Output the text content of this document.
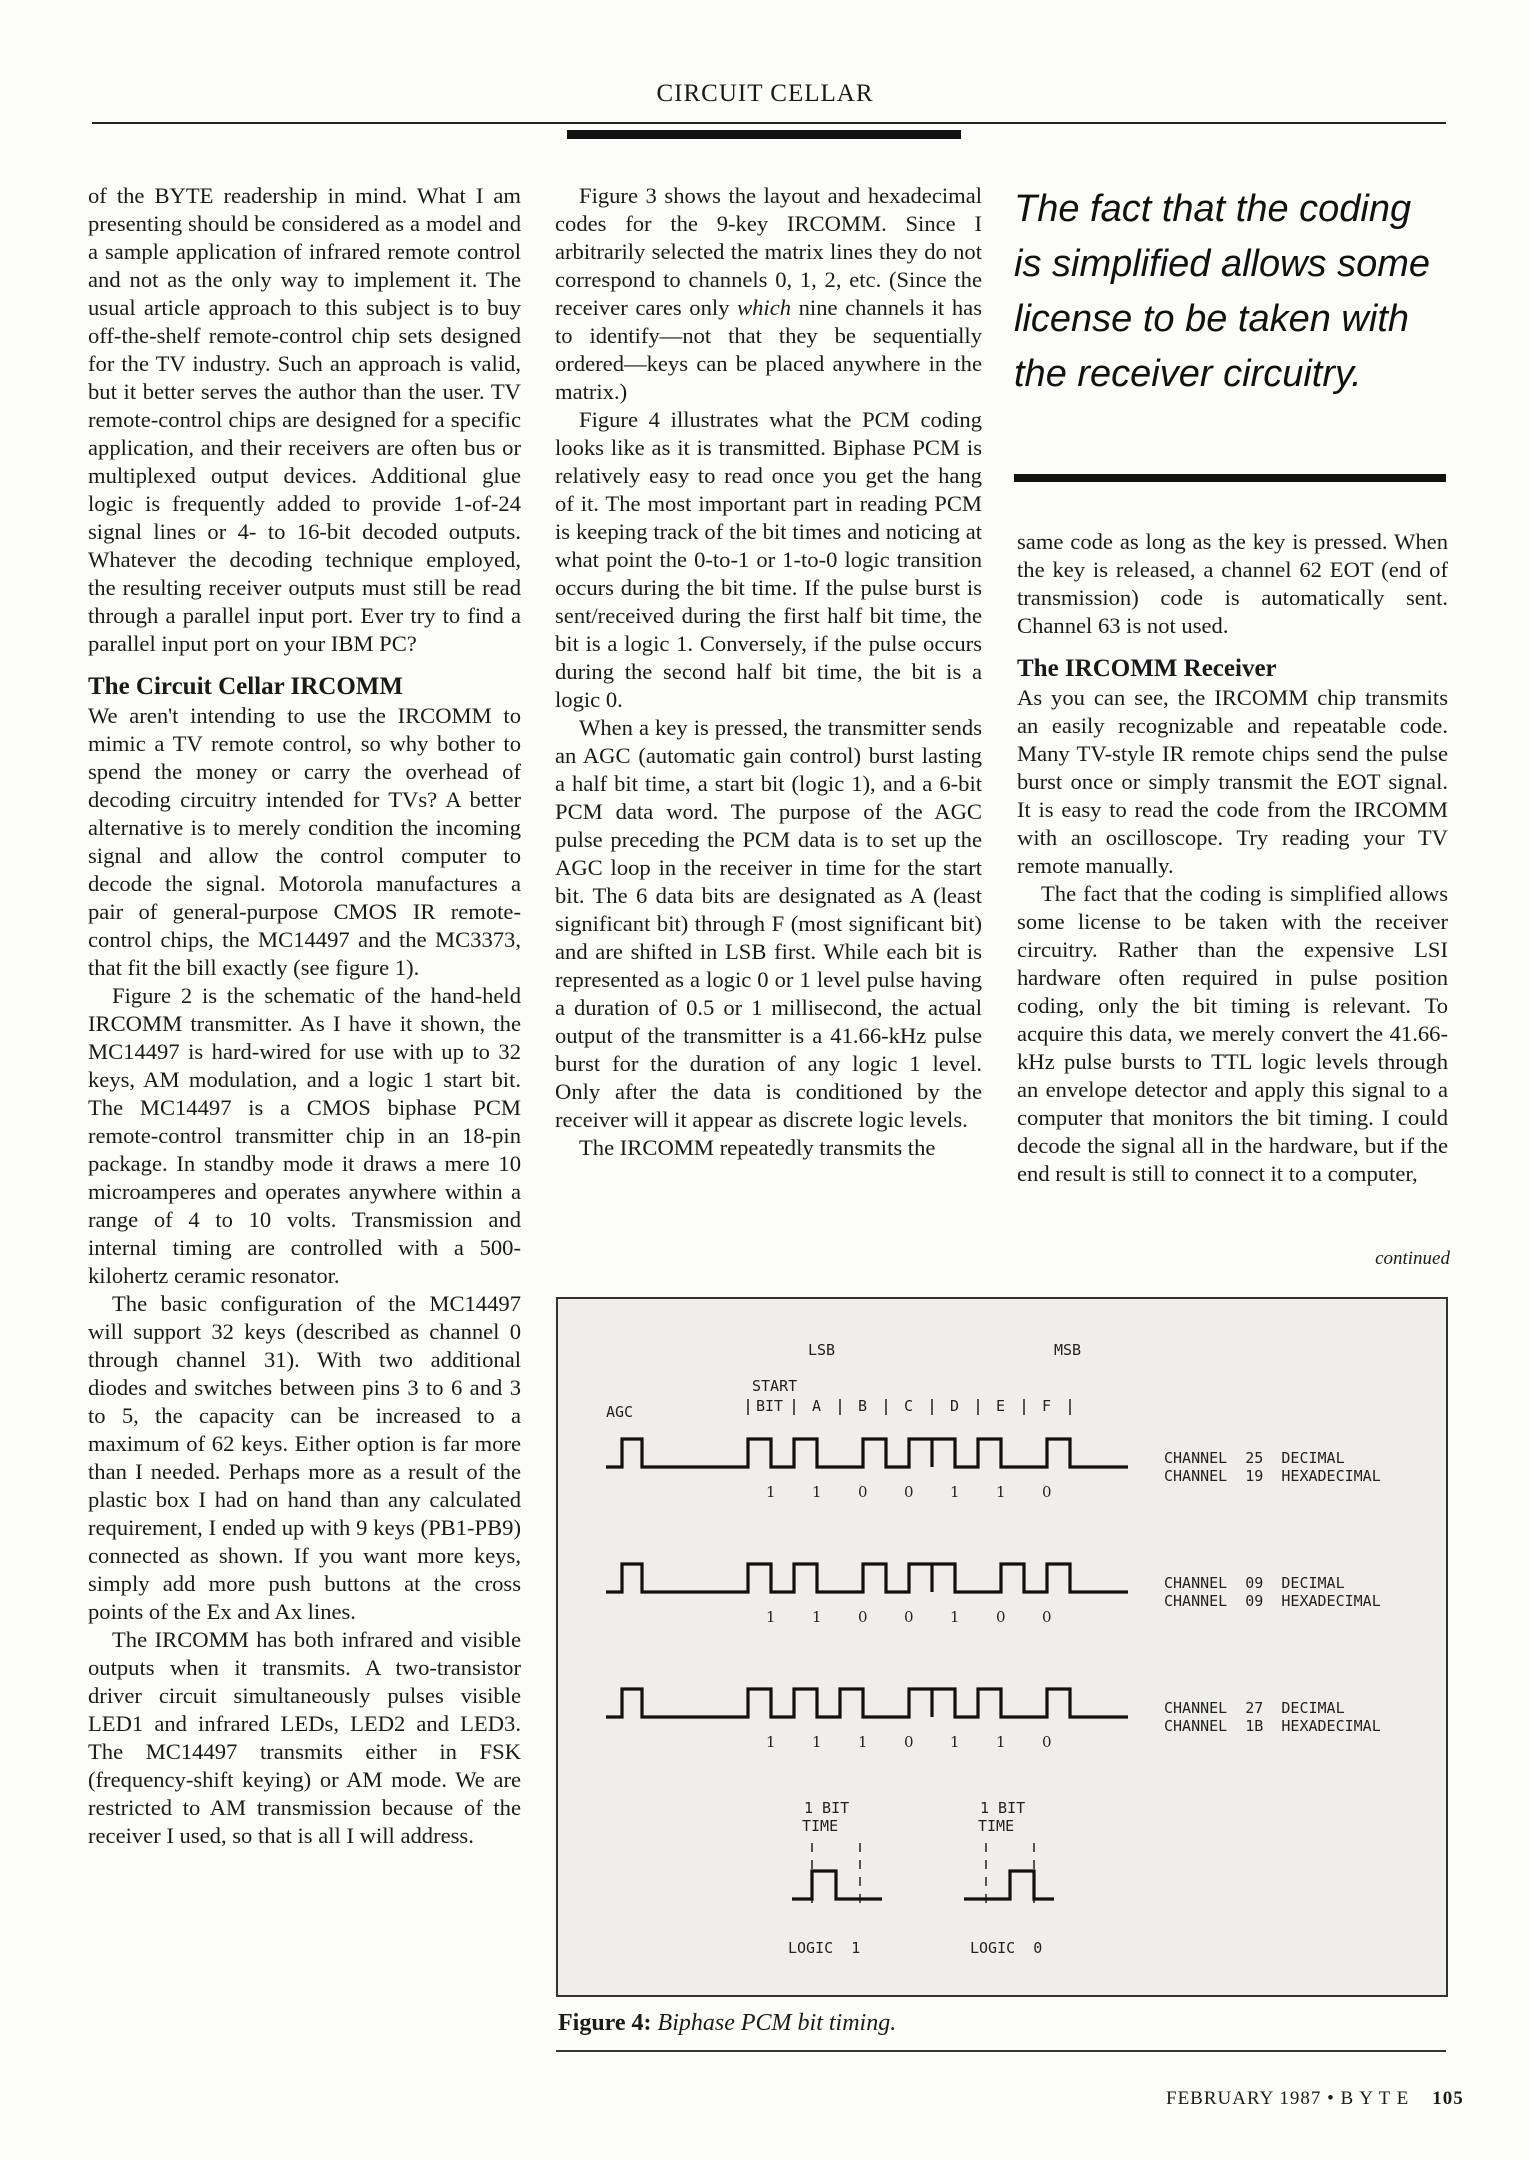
CIRCUIT CELLAR

of the BYTE readership in mind. What I am presenting should be considered as a model and a sample application of infrared remote control and not as the only way to implement it. The usual article approach to this subject is to buy off-the-shelf remote-control chip sets designed for the TV industry. Such an approach is valid, but it better serves the author than the user. TV remote-control chips are designed for a specific application, and their receivers are often bus or multiplexed output devices. Additional glue logic is frequently added to provide 1-of-24 signal lines or 4- to 16-bit decoded outputs. Whatever the decoding technique employed, the resulting receiver outputs must still be read through a parallel input port. Ever try to find a parallel input port on your IBM PC?

The Circuit Cellar IRCOMM

We aren't intending to use the IRCOMM to mimic a TV remote control, so why bother to spend the money or carry the overhead of decoding circuitry intended for TVs? A better alternative is to merely condition the incoming signal and allow the control computer to decode the signal. Motorola manufactures a pair of general-purpose CMOS IR remote-control chips, the MC14497 and the MC3373, that fit the bill exactly (see figure 1).

Figure 2 is the schematic of the hand-held IRCOMM transmitter. As I have it shown, the MC14497 is hard-wired for use with up to 32 keys, AM modulation, and a logic 1 start bit. The MC14497 is a CMOS biphase PCM remote-control transmitter chip in an 18-pin package. In standby mode it draws a mere 10 microamperes and operates anywhere within a range of 4 to 10 volts. Transmission and internal timing are controlled with a 500-kilohertz ceramic resonator.

The basic configuration of the MC14497 will support 32 keys (described as channel 0 through channel 31). With two additional diodes and switches between pins 3 to 6 and 3 to 5, the capacity can be increased to a maximum of 62 keys. Either option is far more than I needed. Perhaps more as a result of the plastic box I had on hand than any calculated requirement, I ended up with 9 keys (PB1-PB9) connected as shown. If you want more keys, simply add more push buttons at the cross points of the Ex and Ax lines.

The IRCOMM has both infrared and visible outputs when it transmits. A two-transistor driver circuit simultaneously pulses visible LED1 and infrared LEDs, LED2 and LED3. The MC14497 transmits either in FSK (frequency-shift keying) or AM mode. We are restricted to AM transmission because of the receiver I used, so that is all I will address.

Figure 3 shows the layout and hexadecimal codes for the 9-key IRCOMM. Since I arbitrarily selected the matrix lines they do not correspond to channels 0, 1, 2, etc. (Since the receiver cares only which nine channels it has to identify—not that they be sequentially ordered—keys can be placed anywhere in the matrix.)

Figure 4 illustrates what the PCM coding looks like as it is transmitted. Biphase PCM is relatively easy to read once you get the hang of it. The most important part in reading PCM is keeping track of the bit times and noticing at what point the 0-to-1 or 1-to-0 logic transition occurs during the bit time. If the pulse burst is sent/received during the first half bit time, the bit is a logic 1. Conversely, if the pulse occurs during the second half bit time, the bit is a logic 0.

When a key is pressed, the transmitter sends an AGC (automatic gain control) burst lasting a half bit time, a start bit (logic 1), and a 6-bit PCM data word. The purpose of the AGC pulse preceding the PCM data is to set up the AGC loop in the receiver in time for the start bit. The 6 data bits are designated as A (least significant bit) through F (most significant bit) and are shifted in LSB first. While each bit is represented as a logic 0 or 1 level pulse having a duration of 0.5 or 1 millisecond, the actual output of the transmitter is a 41.66-kHz pulse burst for the duration of any logic 1 level. Only after the data is conditioned by the receiver will it appear as discrete logic levels.

The IRCOMM repeatedly transmits the

The fact that the coding is simplified allows some license to be taken with the receiver circuitry.

same code as long as the key is pressed. When the key is released, a channel 62 EOT (end of transmission) code is automatically sent. Channel 63 is not used.

The IRCOMM Receiver

As you can see, the IRCOMM chip transmits an easily recognizable and repeatable code. Many TV-style IR remote chips send the pulse burst once or simply transmit the EOT signal. It is easy to read the code from the IRCOMM with an oscilloscope. Try reading your TV remote manually.

The fact that the coding is simplified allows some license to be taken with the receiver circuitry. Rather than the expensive LSI hardware often required in pulse position coding, only the bit timing is relevant. To acquire this data, we merely convert the 41.66-kHz pulse bursts to TTL logic levels through an envelope detector and apply this signal to a computer that monitors the bit timing. I could decode the signal all in the hardware, but if the end result is still to connect it to a computer,

continued
LSB	MSB
START
AGC	BIT A B C D E F
1 1 0 0 1 1 0
CHANNEL  25  DECIMAL
CHANNEL  19  HEXADECIMAL
1 1 0 0 1 0 0
CHANNEL  09  DECIMAL
CHANNEL  09  HEXADECIMAL
1 1 1 0 1 1 0
CHANNEL  27  DECIMAL
CHANNEL  1B  HEXADECIMAL
1 BIT
TIME
LOGIC  1
1 BIT
TIME
LOGIC  0
Figure 4: Biphase PCM bit timing.
FEBRUARY 1987 • B Y T E 105
